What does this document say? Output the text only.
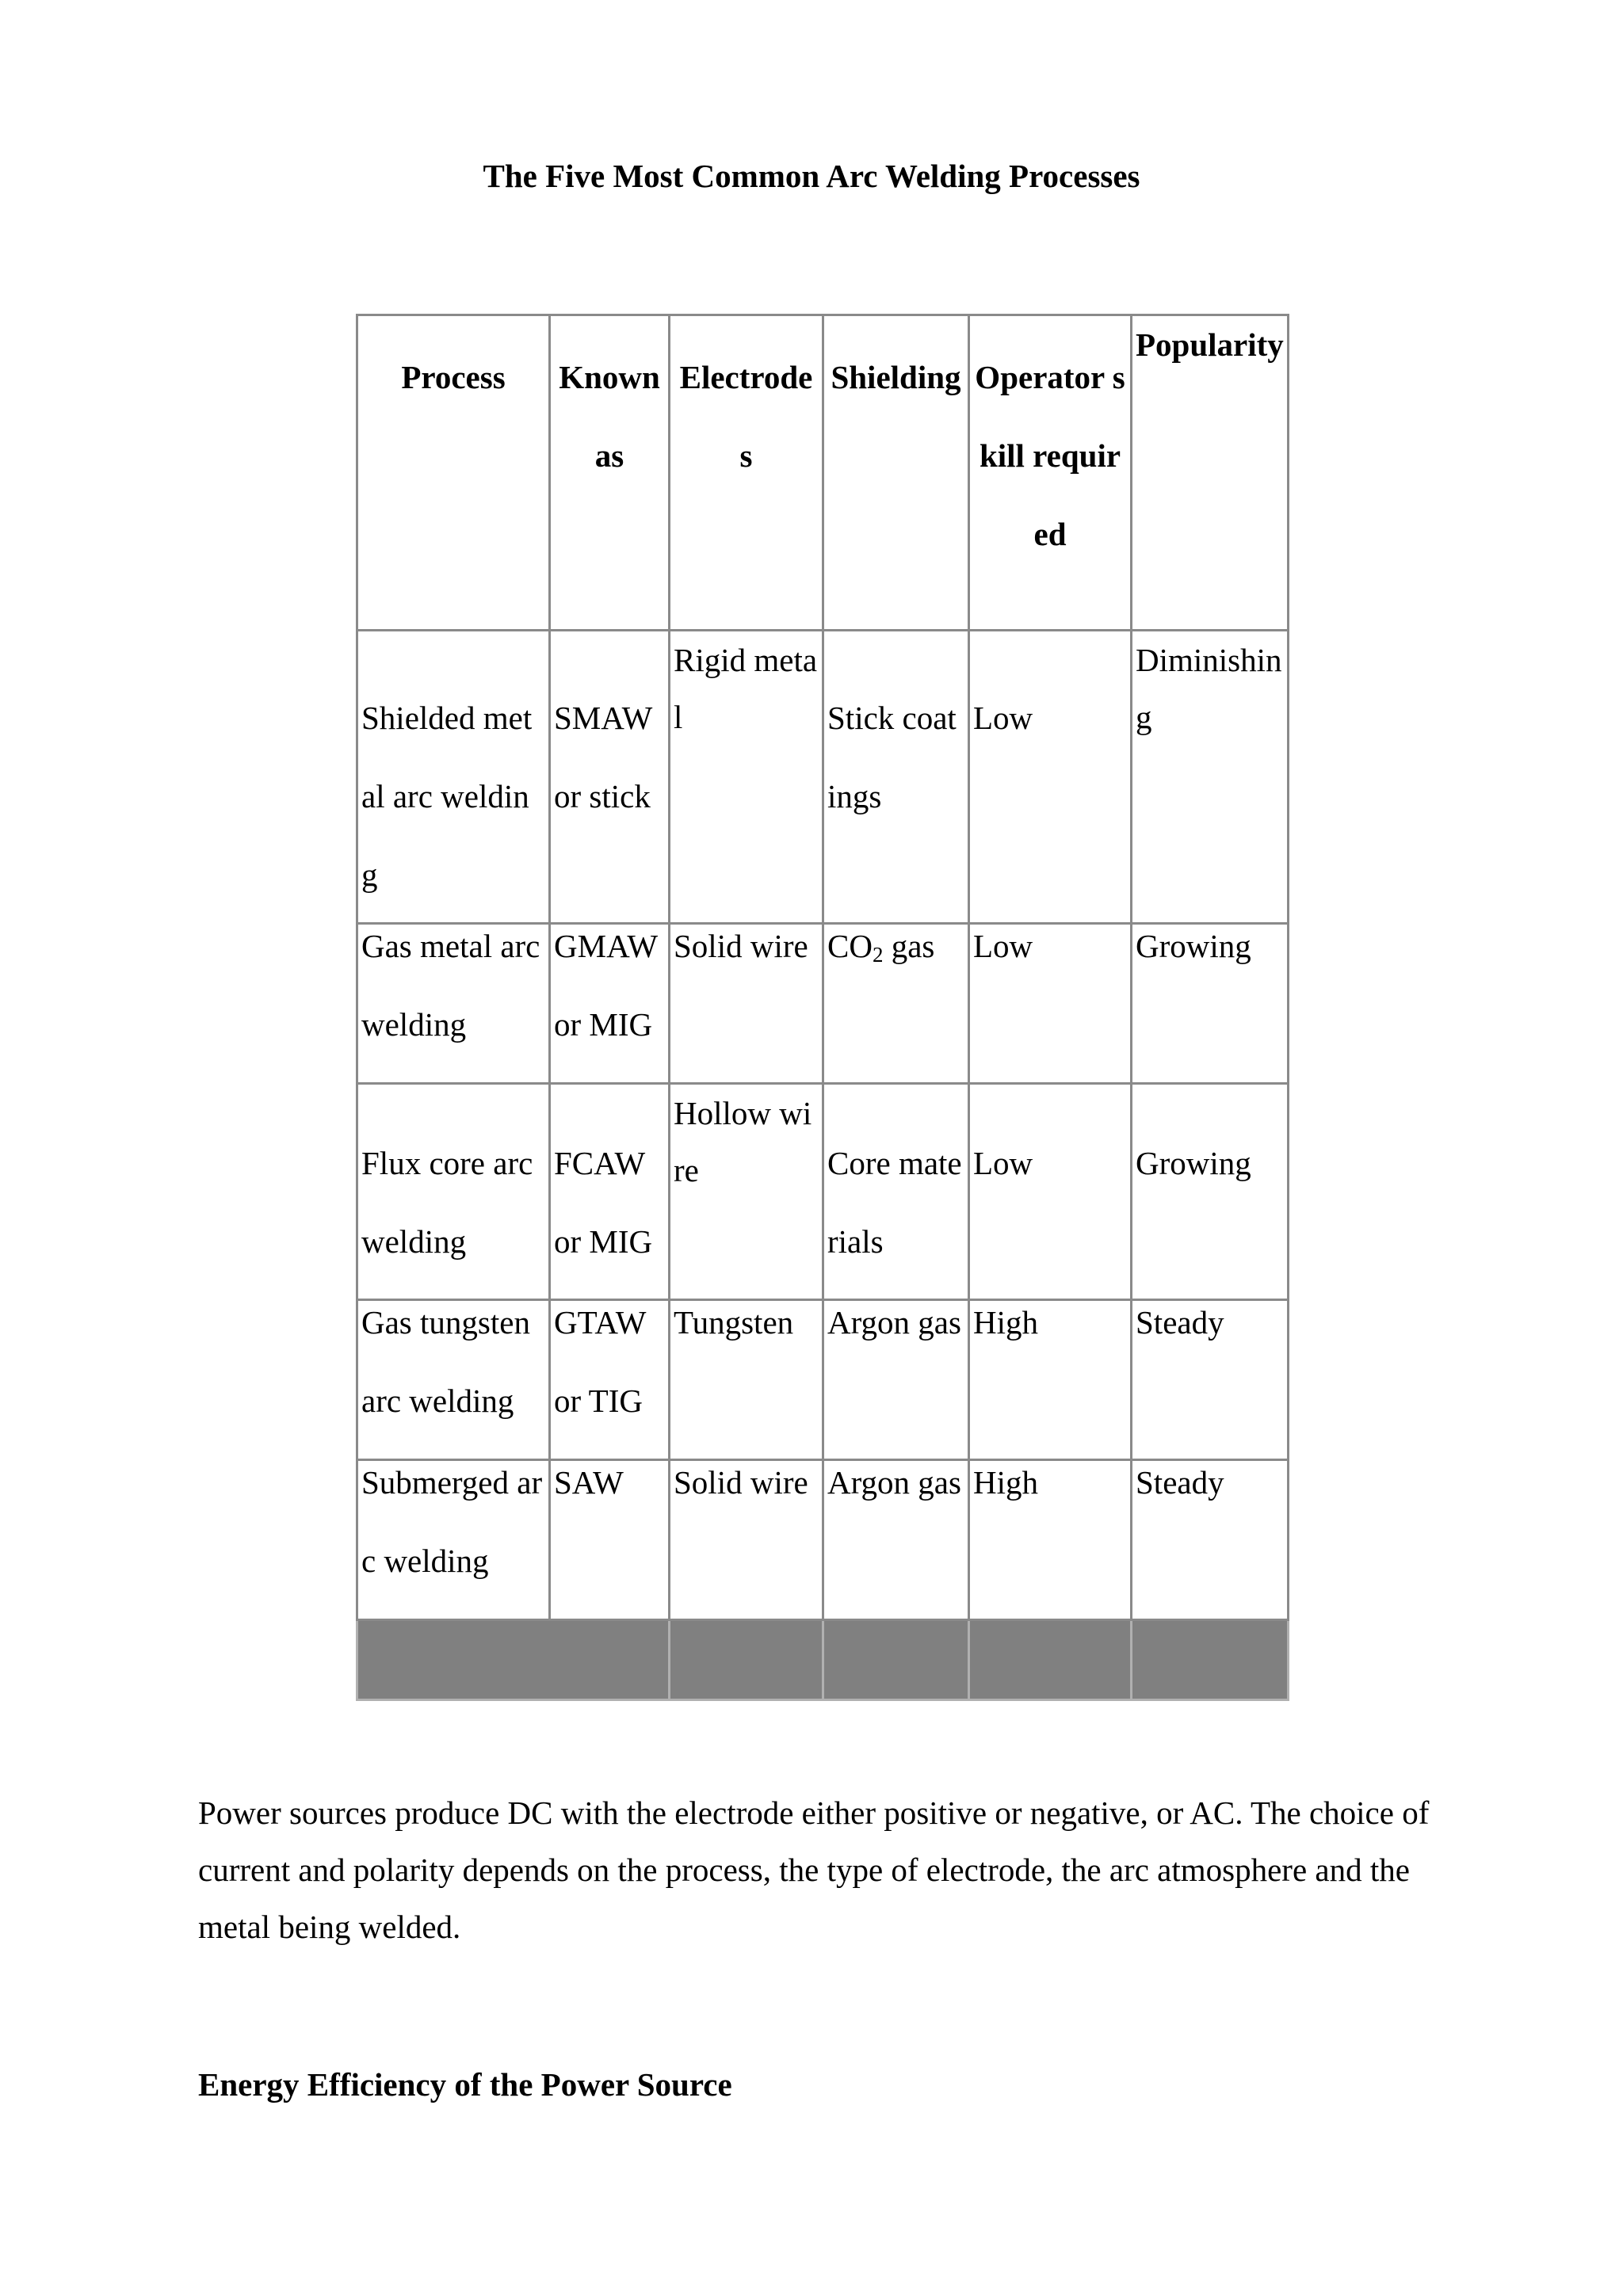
The Five Most Common Arc Welding Processes
Process	Known as	Electrodes	Shielding	Operator skill required	Popularity

Shielded metal arc welding	SMAW or stick	Rigid metal	Stick coatings	Low	Diminishing

Gas metal arc welding	GMAW or MIG	Solid wire	$CO_2$ gas	Low	Growing

Flux core arc welding	FCAW or MIG	Hollow wire	Core materials	Low	Growing

Gas tungsten arc welding	GTAW or TIG	Tungsten	Argon gas	High	Steady

Submerged arc welding	SAW	Solid wire	Argon gas	High	Steady

Power sources produce DC with the electrode either positive or negative, or AC. The choice of current and polarity depends on the process, the type of electrode, the arc atmosphere and the metal being welded.
Energy Efficiency of the Power Source
